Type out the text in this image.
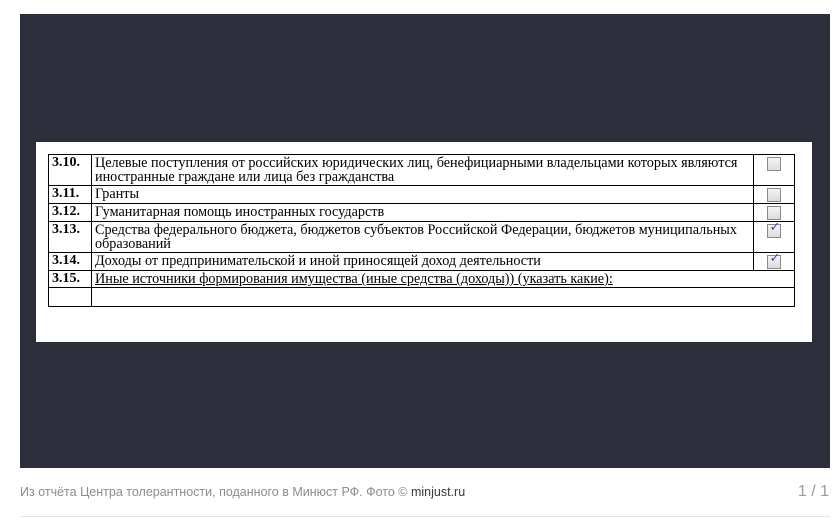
3.10.	Целевые поступления от российских юридических лиц, бенефициарными владельцами которых являются иностранные граждане или лица без гражданства	
3.11.	Гранты	
3.12.	Гуманитарная помощь иностранных государств	
3.13.	Средства федерального бюджета, бюджетов субъектов Российской Федерации, бюджетов муниципальных образований	✓

3.14.	Доходы от предпринимательской и иной приносящей доход деятельности	✓

3.15.	Иные источники формирования имущества (иные средства (доходы)) (указать какие):	

Из отчёта Центра толерантности, поданного в Минюст РФ. Фото © minjust.ru	1 / 1
